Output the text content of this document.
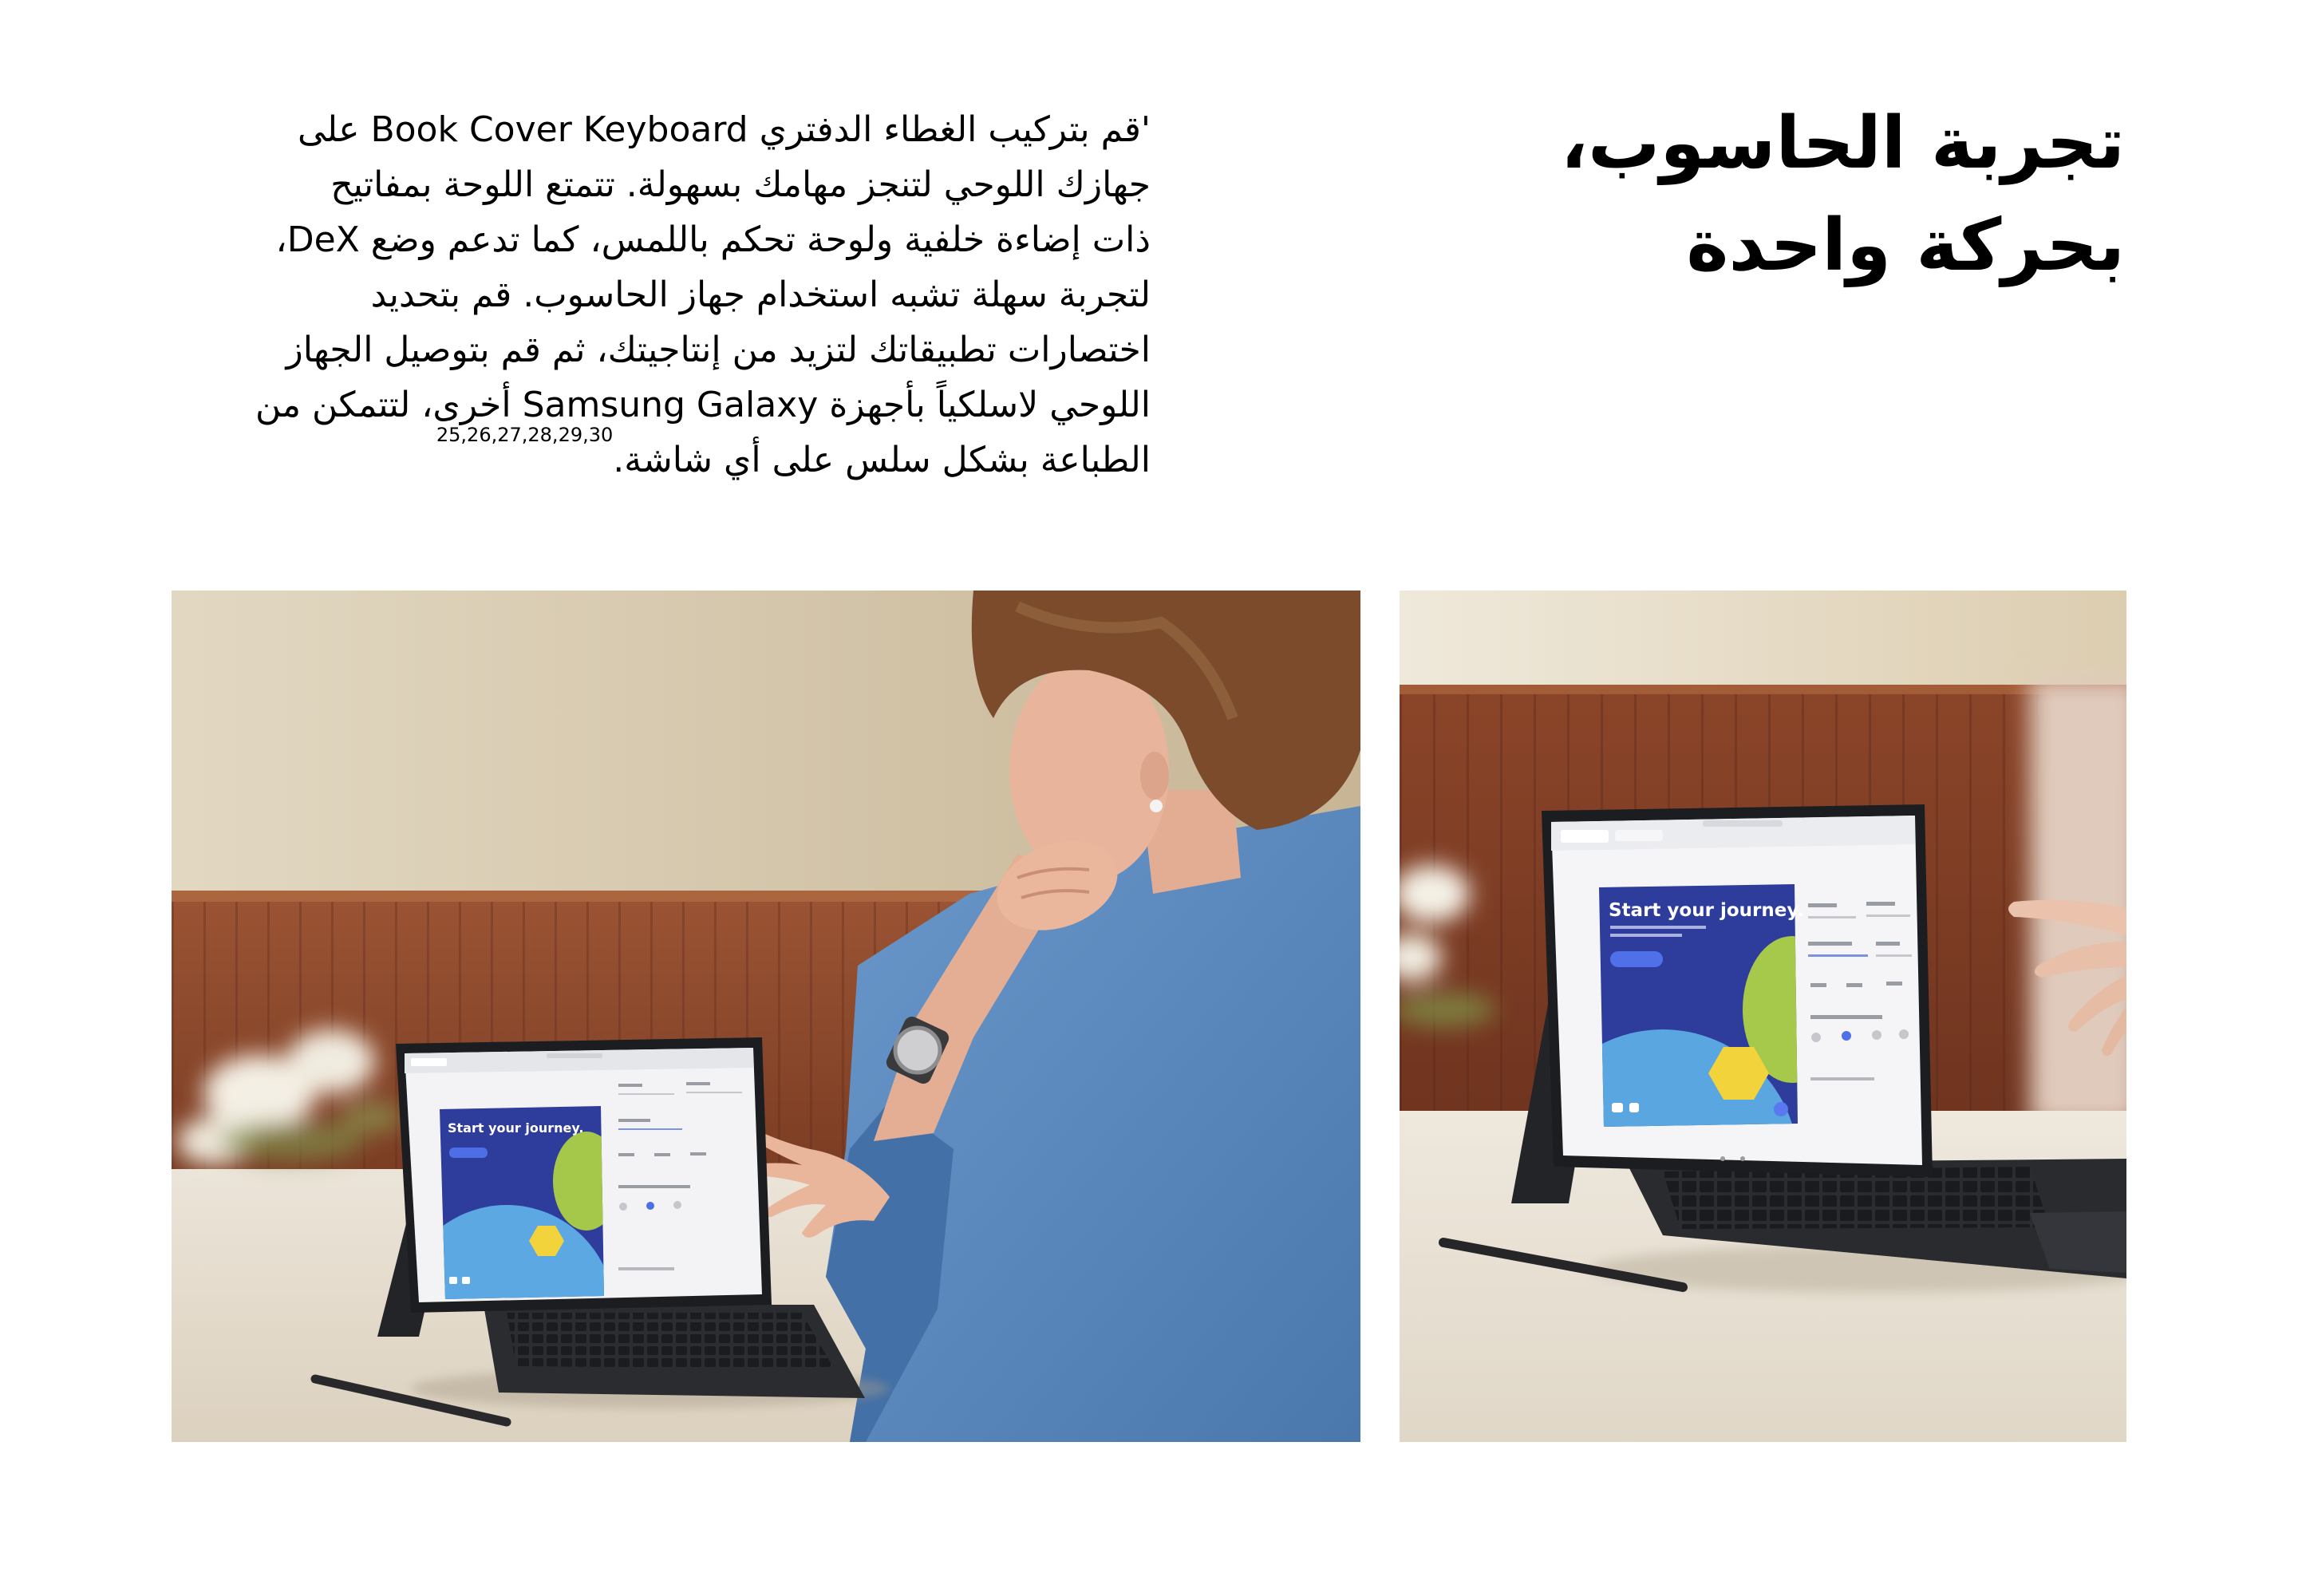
تجربة الحاسوب،
بحركة واحدة

'قم بتركيب الغطاء الدفتري Book Cover Keyboard على
جهازك اللوحي لتنجز مهامك بسهولة. تتمتع اللوحة بمفاتيح
ذات إضاءة خلفية ولوحة تحكم باللمس، كما تدعم وضع DeX،
لتجربة سهلة تشبه استخدام جهاز الحاسوب. قم بتحديد
اختصارات تطبيقاتك لتزيد من إنتاجيتك، ثم قم بتوصيل الجهاز
اللوحي لاسلكياً بأجهزة Samsung Galaxy أخرى، لتتمكن من
الطباعة بشكل سلس على أي شاشة.$^{25,26,27,28,29,30}$

Start your journey.
Start your journey.
